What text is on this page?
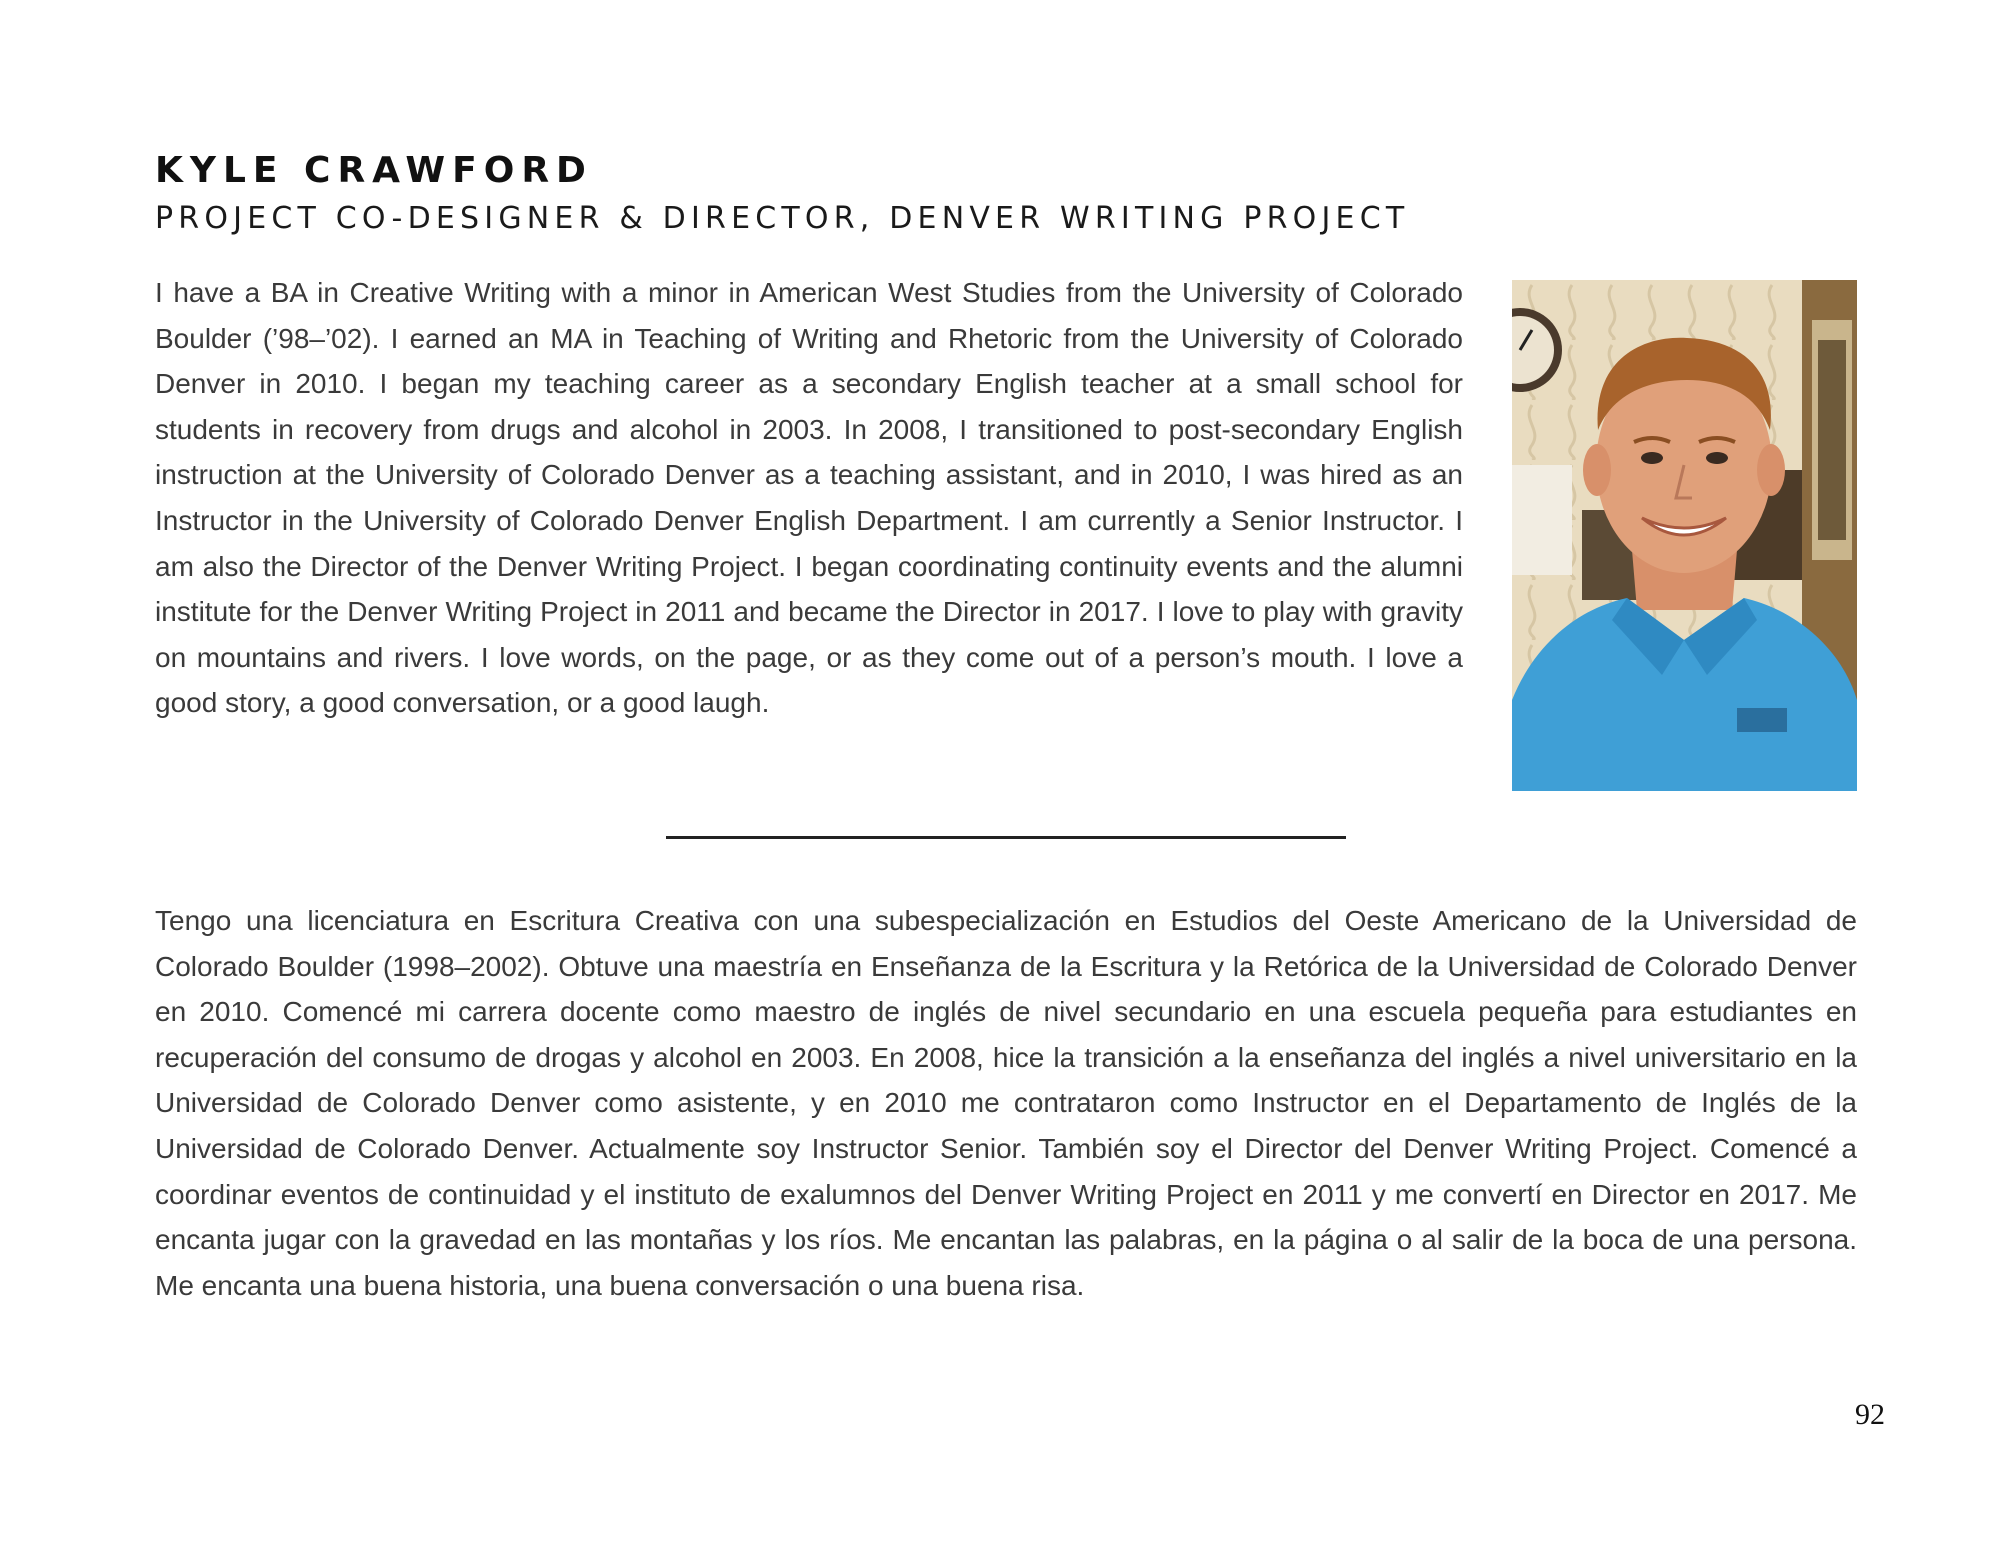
KYLE CRAWFORD
PROJECT CO-DESIGNER & DIRECTOR, DENVER WRITING PROJECT

I have a BA in Creative Writing with a minor in American West Studies from the University of Colorado Boulder (’98–’02). I earned an MA in Teaching of Writing and Rhetoric from the University of Colorado Denver in 2010. I began my teaching career as a secondary English teacher at a small school for students in recovery from drugs and alcohol in 2003. In 2008, I transitioned to post-secondary English instruction at the University of Colorado Denver as a teaching assistant, and in 2010, I was hired as an Instructor in the University of Colorado Denver English Department. I am currently a Senior Instructor. I am also the Director of the Denver Writing Project. I began coordinating continuity events and the alumni institute for the Denver Writing Project in 2011 and became the Director in 2017. I love to play with gravity on mountains and rivers. I love words, on the page, or as they come out of a person’s mouth. I love a good story, a good conversation, or a good laugh.

Tengo una licenciatura en Escritura Creativa con una subespecialización en Estudios del Oeste Americano de la Universidad de Colorado Boulder (1998–2002). Obtuve una maestría en Enseñanza de la Escritura y la Retórica de la Universidad de Colorado Denver en 2010. Comencé mi carrera docente como maestro de inglés de nivel secundario en una escuela pequeña para estudiantes en recuperación del consumo de drogas y alcohol en 2003. En 2008, hice la transición a la enseñanza del inglés a nivel universitario en la Universidad de Colorado Denver como asistente, y en 2010 me contrataron como Instructor en el Departamento de Inglés de la Universidad de Colorado Denver. Actualmente soy Instructor Senior. También soy el Director del Denver Writing Project. Comencé a coordinar eventos de continuidad y el instituto de exalumnos del Denver Writing Project en 2011 y me convertí en Director en 2017. Me encanta jugar con la gravedad en las montañas y los ríos. Me encantan las palabras, en la página o al salir de la boca de una persona. Me encanta una buena historia, una buena conversación o una buena risa.

92
